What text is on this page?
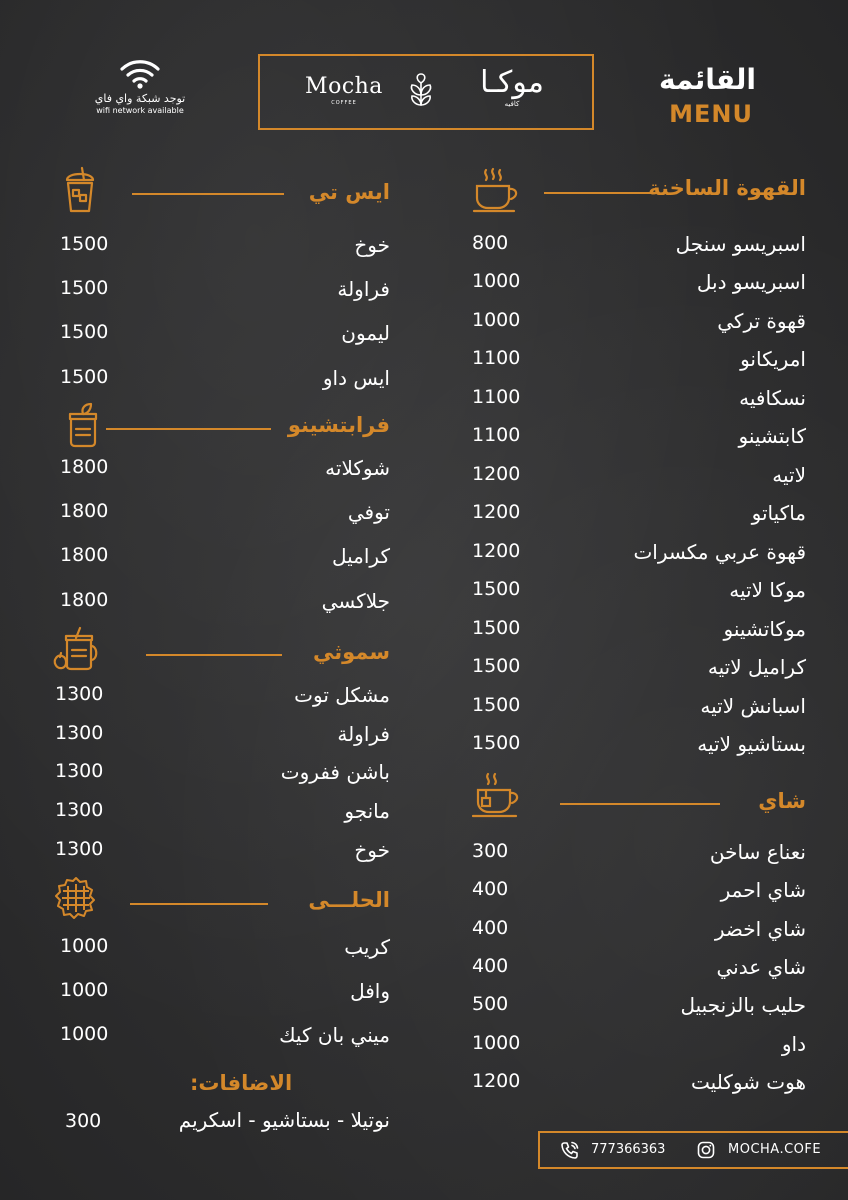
توجد شبكة واي فاي
wifi network available
Mocha
COFFEE
موكـا
كافيه
القائمة
MENU
القهوة الساخنة
اسبريسو سنجل
800
اسبريسو دبل
1000
قهوة تركي
1000
امريكانو
1100
نسكافيه
1100
كابتشينو
1100
لاتيه
1200
ماكياتو
1200
قهوة عربي مكسرات
1200
موكا لاتيه
1500
موكاتشينو
1500
كراميل لاتيه
1500
اسبانش لاتيه
1500
بستاشيو لاتيه
1500
شاي
نعناع ساخن
300
شاي احمر
400
شاي اخضر
400
شاي عدني
400
حليب بالزنجبيل
500
داو
1000
هوت شوكليت
1200
ايس تي
خوخ
1500
فراولة
1500
ليمون
1500
ايس داو
1500
فرابتشينو
شوكلاته
1800
توفي
1800
كراميل
1800
جلاكسي
1800
سموثي
مشكل توت
1300
فراولة
1300
باشن ففروت
1300
مانجو
1300
خوخ
1300
الحلـــى
كريب
1000
وافل
1000
ميني بان كيك
1000
الاضافات:
نوتيلا - بستاشيو - اسكريم
300
777366363	MOCHA.COFE
